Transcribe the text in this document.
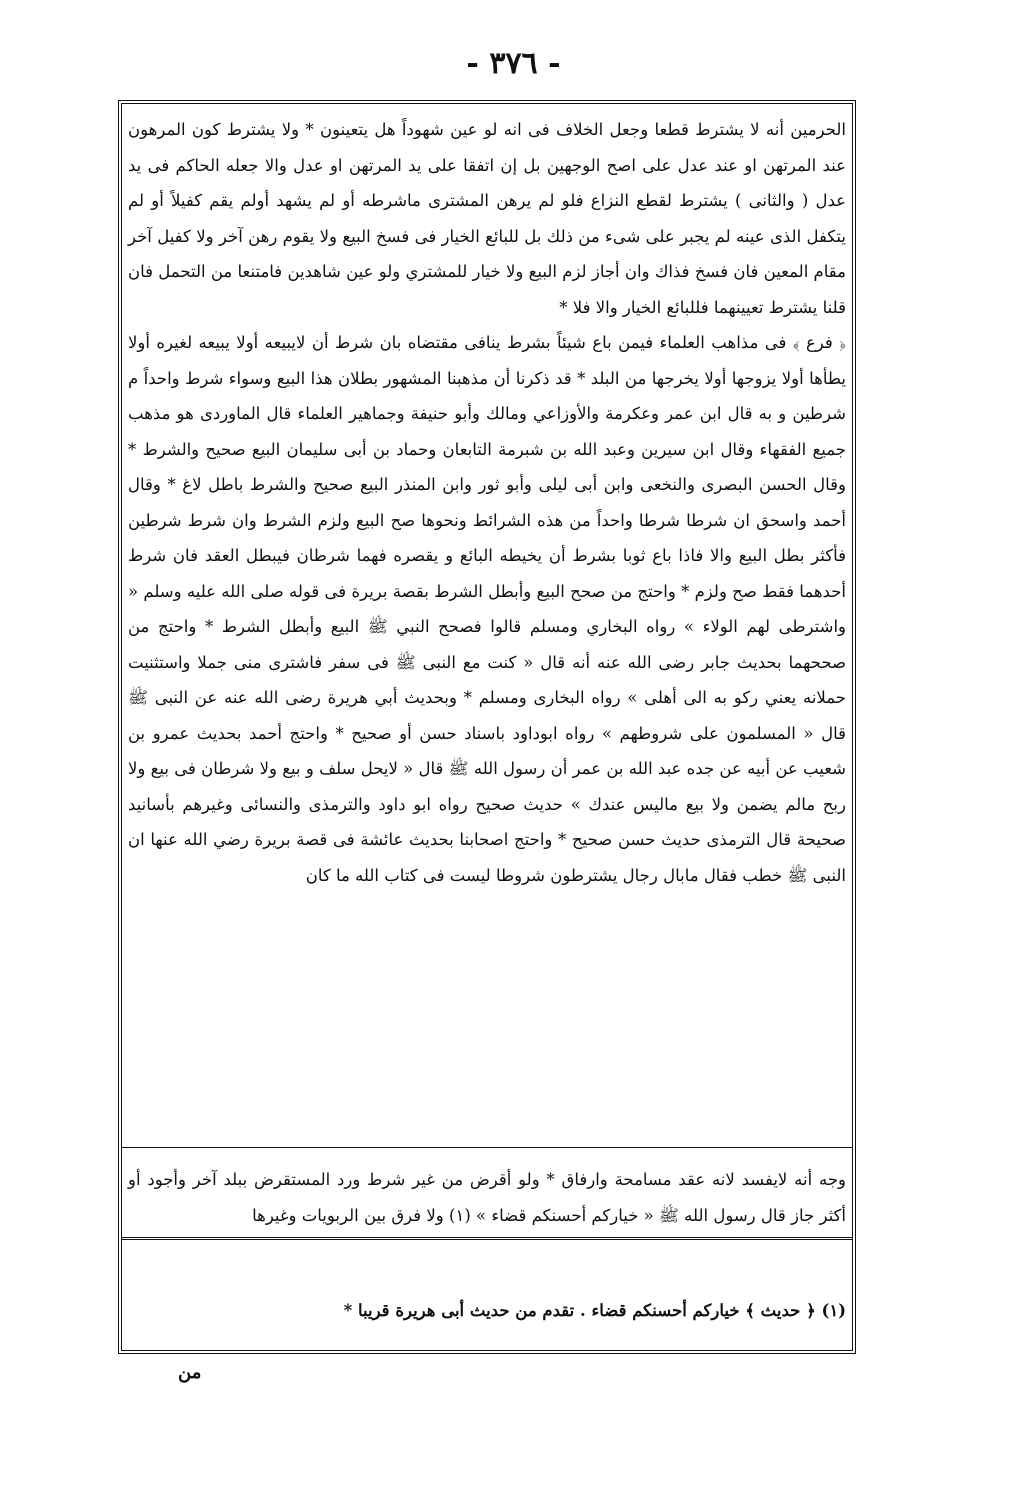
- ٣٧٦ -

الحرمين أنه لا يشترط قطعا وجعل الخلاف فى انه لو عين شهوداً هل يتعينون * ولا يشترط كون المرهون عند المرتهن او عند عدل على اصح الوجهين بل إن اتفقا على يد المرتهن او عدل والا جعله الحاكم فى يد عدل ( والثانى ) يشترط لقطع النزاع فلو لم يرهن المشترى ماشرطه أو لم يشهد أولم يقم كفيلاً أو لم يتكفل الذى عينه لم يجبر على شىء من ذلك بل للبائع الخيار فى فسخ البيع ولا يقوم رهن آخر ولا كفيل آخر مقام المعين فان فسخ فذاك وان أجاز لزم البيع ولا خيار للمشتري ولو عين شاهدين فامتنعا من التحمل فان قلنا يشترط تعيينهما فللبائع الخيار والا فلا *

﴿ فرع ﴾ فى مذاهب العلماء فيمن باع شيئاً بشرط ينافى مقتضاه بان شرط أن لايبيعه أولا يبيعه لغيره أولا يطأها أولا يزوجها أولا يخرجها من البلد * قد ذكرنا أن مذهبنا المشهور بطلان هذا البيع وسواء شرط واحداً م شرطين و به قال ابن عمر وعكرمة والأوزاعي ومالك وأبو حنيفة وجماهير العلماء قال الماوردى هو مذهب جميع الفقهاء وقال ابن سيرين وعبد الله بن شبرمة التابعان وحماد بن أبى سليمان البيع صحيح والشرط * وقال الحسن البصرى والنخعى وابن أبى ليلى وأبو ثور وابن المنذر البيع صحيح والشرط باطل لاغ * وقال أحمد واسحق ان شرطا شرطا واحداً من هذه الشرائط ونحوها صح البيع ولزم الشرط وان شرط شرطين فأكثر بطل البيع والا فاذا باع ثوبا بشرط أن يخيطه البائع و يقصره فهما شرطان فيبطل العقد فان شرط أحدهما فقط صح ولزم * واحتج من صحح البيع وأبطل الشرط بقصة بريرة فى قوله صلى الله عليه وسلم « واشترطى لهم الولاء » رواه البخاري ومسلم قالوا فصحح النبي ﷺ البيع وأبطل الشرط * واحتج من صححهما بحديث جابر رضى الله عنه أنه قال « كنت مع النبى ﷺ فى سفر فاشترى منى جملا واستثنيت حملانه يعني ركو به الى أهلى » رواه البخارى ومسلم * وبحديث أبي هريرة رضى الله عنه عن النبى ﷺ قال « المسلمون على شروطهم » رواه ابوداود باسناد حسن أو صحيح * واحتج أحمد بحديث عمرو بن شعيب عن أبيه عن جده عبد الله بن عمر أن رسول الله ﷺ قال « لايحل سلف و بيع ولا شرطان فى بيع ولا ربح مالم يضمن ولا بيع ماليس عندك » حديث صحيح رواه ابو داود والترمذى والنسائى وغيرهم بأسانيد صحيحة قال الترمذى حديث حسن صحيح * واحتج اصحابنا بحديث عائشة فى قصة بريرة رضي الله عنها ان النبى ﷺ خطب فقال مابال رجال يشترطون شروطا ليست فى كتاب الله ما كان

وجه أنه لايفسد لانه عقد مسامحة وارفاق * ولو أقرض من غير شرط ورد المستقرض ببلد آخر وأجود أو أكثر جاز قال رسول الله ﷺ « خياركم أحسنكم قضاء » (١) ولا فرق بين الربويات وغيرها
(١) ﴿ حديث ﴾ خياركم أحسنكم قضاء . تقدم من حديث أبى هريرة قريبا *
من
